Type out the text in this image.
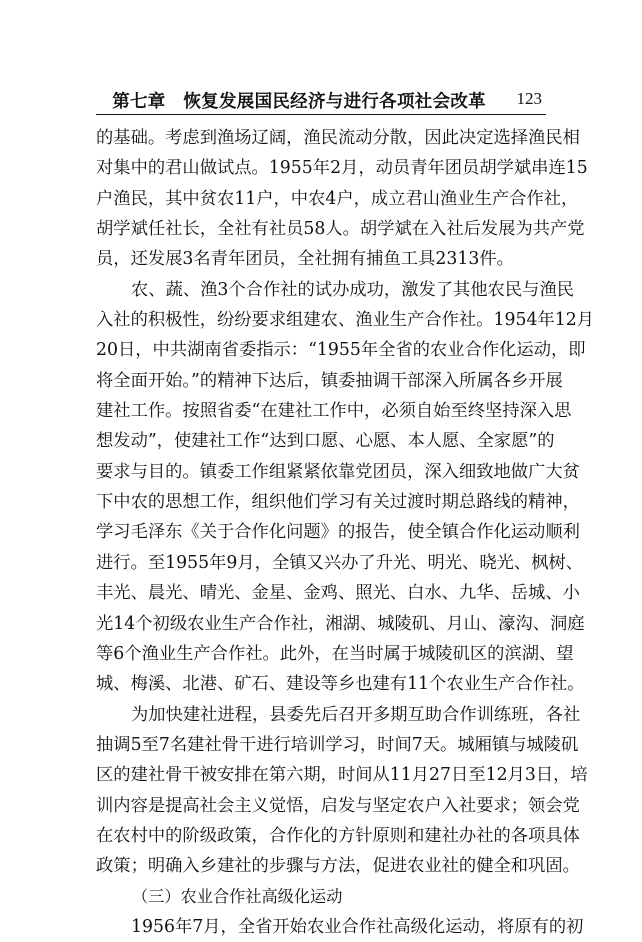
第七章　恢复发展国民经济与进行各项社会改革 123
的基础。考虑到渔场辽阔，渔民流动分散，因此决定选择渔民相
对集中的君山做试点。1955年2月，动员青年团员胡学斌串连15
户渔民，其中贫农11户，中农4户，成立君山渔业生产合作社，
胡学斌任社长，全社有社员58人。胡学斌在入社后发展为共产党
员，还发展3名青年团员，全社拥有捕鱼工具2313件。
农、蔬、渔3个合作社的试办成功，激发了其他农民与渔民
入社的积极性，纷纷要求组建农、渔业生产合作社。1954年12月
20日，中共湖南省委指示：“1955年全省的农业合作化运动，即
将全面开始。”的精神下达后，镇委抽调干部深入所属各乡开展
建社工作。按照省委“在建社工作中，必须自始至终坚持深入思
想发动”，使建社工作“达到口愿、心愿、本人愿、全家愿”的
要求与目的。镇委工作组紧紧依靠党团员，深入细致地做广大贫
下中农的思想工作，组织他们学习有关过渡时期总路线的精神，
学习毛泽东《关于合作化问题》的报告，使全镇合作化运动顺利
进行。至1955年9月，全镇又兴办了升光、明光、晓光、枫树、
丰光、晨光、晴光、金星、金鸡、照光、白水、九华、岳城、小
光14个初级农业生产合作社，湘湖、城陵矶、月山、濠沟、洞庭
等6个渔业生产合作社。此外，在当时属于城陵矶区的滨湖、望
城、梅溪、北港、矿石、建设等乡也建有11个农业生产合作社。
为加快建社进程，县委先后召开多期互助合作训练班，各社
抽调5至7名建社骨干进行培训学习，时间7天。城厢镇与城陵矶
区的建社骨干被安排在第六期，时间从11月27日至12月3日，培
训内容是提高社会主义觉悟，启发与坚定农户入社要求；领会党
在农村中的阶级政策，合作化的方针原则和建社办社的各项具体
政策；明确入乡建社的步骤与方法，促进农业社的健全和巩固。
（三）农业合作社高级化运动
1956年7月，全省开始农业合作社高级化运动，将原有的初
